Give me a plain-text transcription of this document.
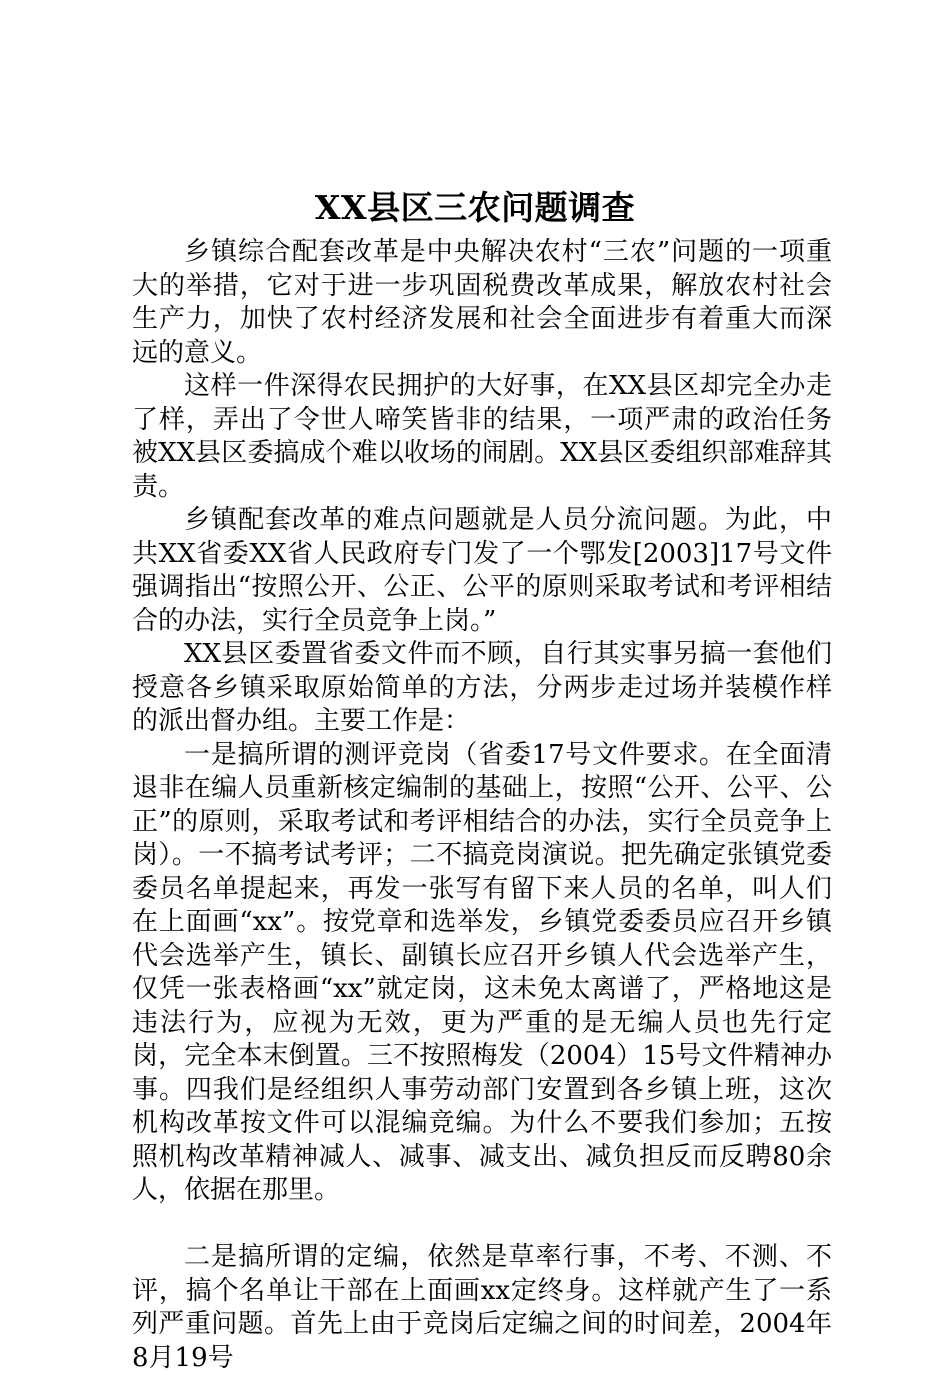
XX县区三农问题调查

乡镇综合配套改革是中央解决农村“三农”问题的一项重大的举措，它对于进一步巩固税费改革成果，解放农村社会生产力，加快了农村经济发展和社会全面进步有着重大而深远的意义。

这样一件深得农民拥护的大好事，在XX县区却完全办走了样，弄出了令世人啼笑皆非的结果，一项严肃的政治任务被XX县区委搞成个难以收场的闹剧。XX县区委组织部难辞其责。

乡镇配套改革的难点问题就是人员分流问题。为此，中共XX省委XX省人民政府专门发了一个鄂发[2003]17号文件强调指出“按照公开、公正、公平的原则采取考试和考评相结合的办法，实行全员竞争上岗。”

XX县区委置省委文件而不顾，自行其实事另搞一套他们授意各乡镇采取原始简单的方法，分两步走过场并装模作样的派出督办组。主要工作是：

一是搞所谓的测评竞岗（省委17号文件要求。在全面清退非在编人员重新核定编制的基础上，按照“公开、公平、公正”的原则，采取考试和考评相结合的办法，实行全员竞争上岗）。一不搞考试考评；二不搞竞岗演说。把先确定张镇党委委员名单提起来，再发一张写有留下来人员的名单，叫人们在上面画“xx”。按党章和选举发，乡镇党委委员应召开乡镇代会选举产生，镇长、副镇长应召开乡镇人代会选举产生，仅凭一张表格画“xx”就定岗，这未免太离谱了，严格地这是违法行为，应视为无效，更为严重的是无编人员也先行定岗，完全本末倒置。三不按照梅发（2004）15号文件精神办事。四我们是经组织人事劳动部门安置到各乡镇上班，这次机构改革按文件可以混编竞编。为什么不要我们参加；五按照机构改革精神减人、减事、减支出、减负担反而反聘80余人，依据在那里。

二是搞所谓的定编，依然是草率行事，不考、不测、不评，搞个名单让干部在上面画xx定终身。这样就产生了一系列严重问题。首先上由于竞岗后定编之间的时间差，2004年8月19号
